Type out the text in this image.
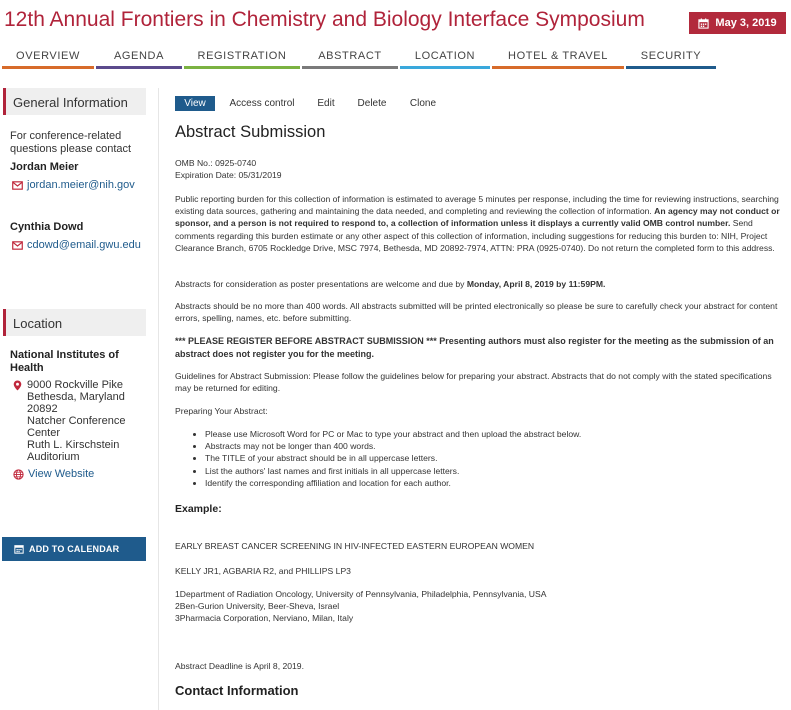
12th Annual Frontiers in Chemistry and Biology Interface Symposium	May 3, 2019
OVERVIEW	AGENDA	REGISTRATION	ABSTRACT	LOCATION	HOTEL & TRAVEL	SECURITY
General Information
For conference-related questions please contact
Jordan Meier
jordan.meier@nih.gov
Cynthia Dowd
cdowd@email.gwu.edu
Location
National Institutes of Health
9000 Rockville Pike
Bethesda, Maryland
20892
Natcher Conference
Center
Ruth L. Kirschstein
Auditorium
View Website
ADD TO CALENDAR
View	Access control	Edit	Delete	Clone
Abstract Submission
OMB No.: 0925-0740
Expiration Date: 05/31/2019
Public reporting burden for this collection of information is estimated to average 5 minutes per response, including the time for reviewing instructions, searching existing data sources, gathering and maintaining the data needed, and completing and reviewing the collection of information. An agency may not conduct or sponsor, and a person is not required to respond to, a collection of information unless it displays a currently valid OMB control number. Send comments regarding this burden estimate or any other aspect of this collection of information, including suggestions for reducing this burden to: NIH, Project Clearance Branch, 6705 Rockledge Drive, MSC 7974, Bethesda, MD 20892-7974, ATTN: PRA (0925-0740). Do not return the completed form to this address.
Abstracts for consideration as poster presentations are welcome and due by Monday, April 8, 2019 by 11:59PM.
Abstracts should be no more than 400 words. All abstracts submitted will be printed electronically so please be sure to carefully check your abstract for content errors, spelling, names, etc. before submitting.
*** PLEASE REGISTER BEFORE ABSTRACT SUBMISSION *** Presenting authors must also register for the meeting as the submission of an abstract does not register you for the meeting.
Guidelines for Abstract Submission: Please follow the guidelines below for preparing your abstract. Abstracts that do not comply with the stated specifications may be returned for editing.
Preparing Your Abstract:
• Please use Microsoft Word for PC or Mac to type your abstract and then upload the abstract below.
• Abstracts may not be longer than 400 words.
• The TITLE of your abstract should be in all uppercase letters.
• List the authors' last names and first initials in all uppercase letters.
• Identify the corresponding affiliation and location for each author.
Example:
EARLY BREAST CANCER SCREENING IN HIV-INFECTED EASTERN EUROPEAN WOMEN
KELLY JR1, AGBARIA R2, and PHILLIPS LP3
1Department of Radiation Oncology, University of Pennsylvania, Philadelphia, Pennsylvania, USA
2Ben-Gurion University, Beer-Sheva, Israel
3Pharmacia Corporation, Nerviano, Milan, Italy
Abstract Deadline is April 8, 2019.
Contact Information
